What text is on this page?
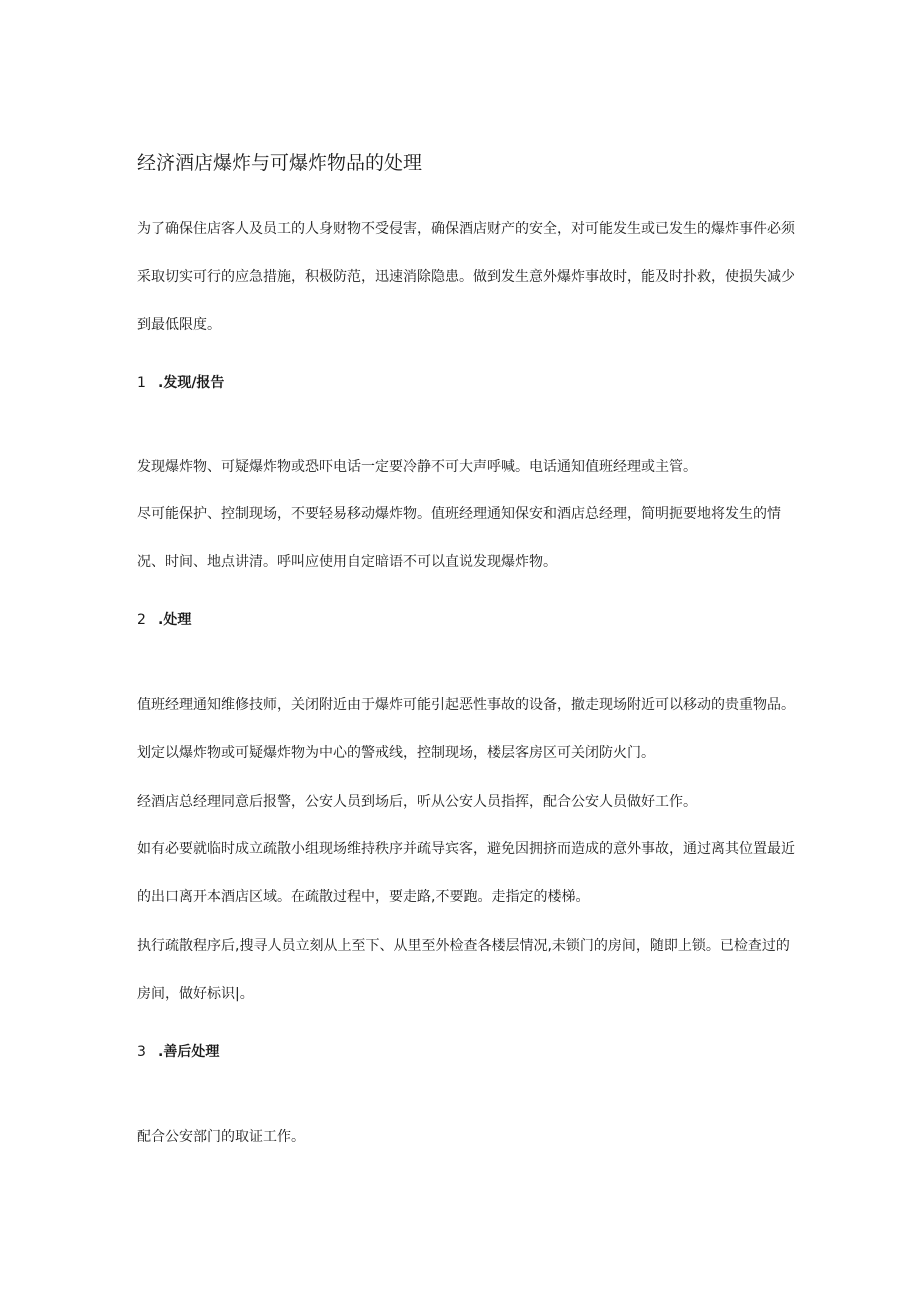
经济酒店爆炸与可爆炸物品的处理

为了确保住店客人及员工的人身财物不受侵害，确保酒店财产的安全，对可能发生或已发生的爆炸事件必须采取切实可行的应急措施，积极防范，迅速消除隐患。做到发生意外爆炸事故时，能及时扑救，使损失减少到最低限度。

1 .发现/报告

发现爆炸物、可疑爆炸物或恐吓电话一定要冷静不可大声呼喊。电话通知值班经理或主管。

尽可能保护、控制现场，不要轻易移动爆炸物。值班经理通知保安和酒店总经理，简明扼要地将发生的情况、时间、地点讲清。呼叫应使用自定暗语不可以直说发现爆炸物。

2 .处理

值班经理通知维修技师，关闭附近由于爆炸可能引起恶性事故的设备，撤走现场附近可以移动的贵重物品。

划定以爆炸物或可疑爆炸物为中心的警戒线，控制现场，楼层客房区可关闭防火门。

经酒店总经理同意后报警，公安人员到场后，听从公安人员指挥，配合公安人员做好工作。

如有必要就临时成立疏散小组现场维持秩序并疏导宾客，避免因拥挤而造成的意外事故，通过离其位置最近的出口离开本酒店区域。在疏散过程中，要走路,不要跑。走指定的楼梯。

执行疏散程序后,搜寻人员立刻从上至下、从里至外检查各楼层情况,未锁门的房间，随即上锁。已检查过的房间，做好标识|。

3 .善后处理

配合公安部门的取证工作。
